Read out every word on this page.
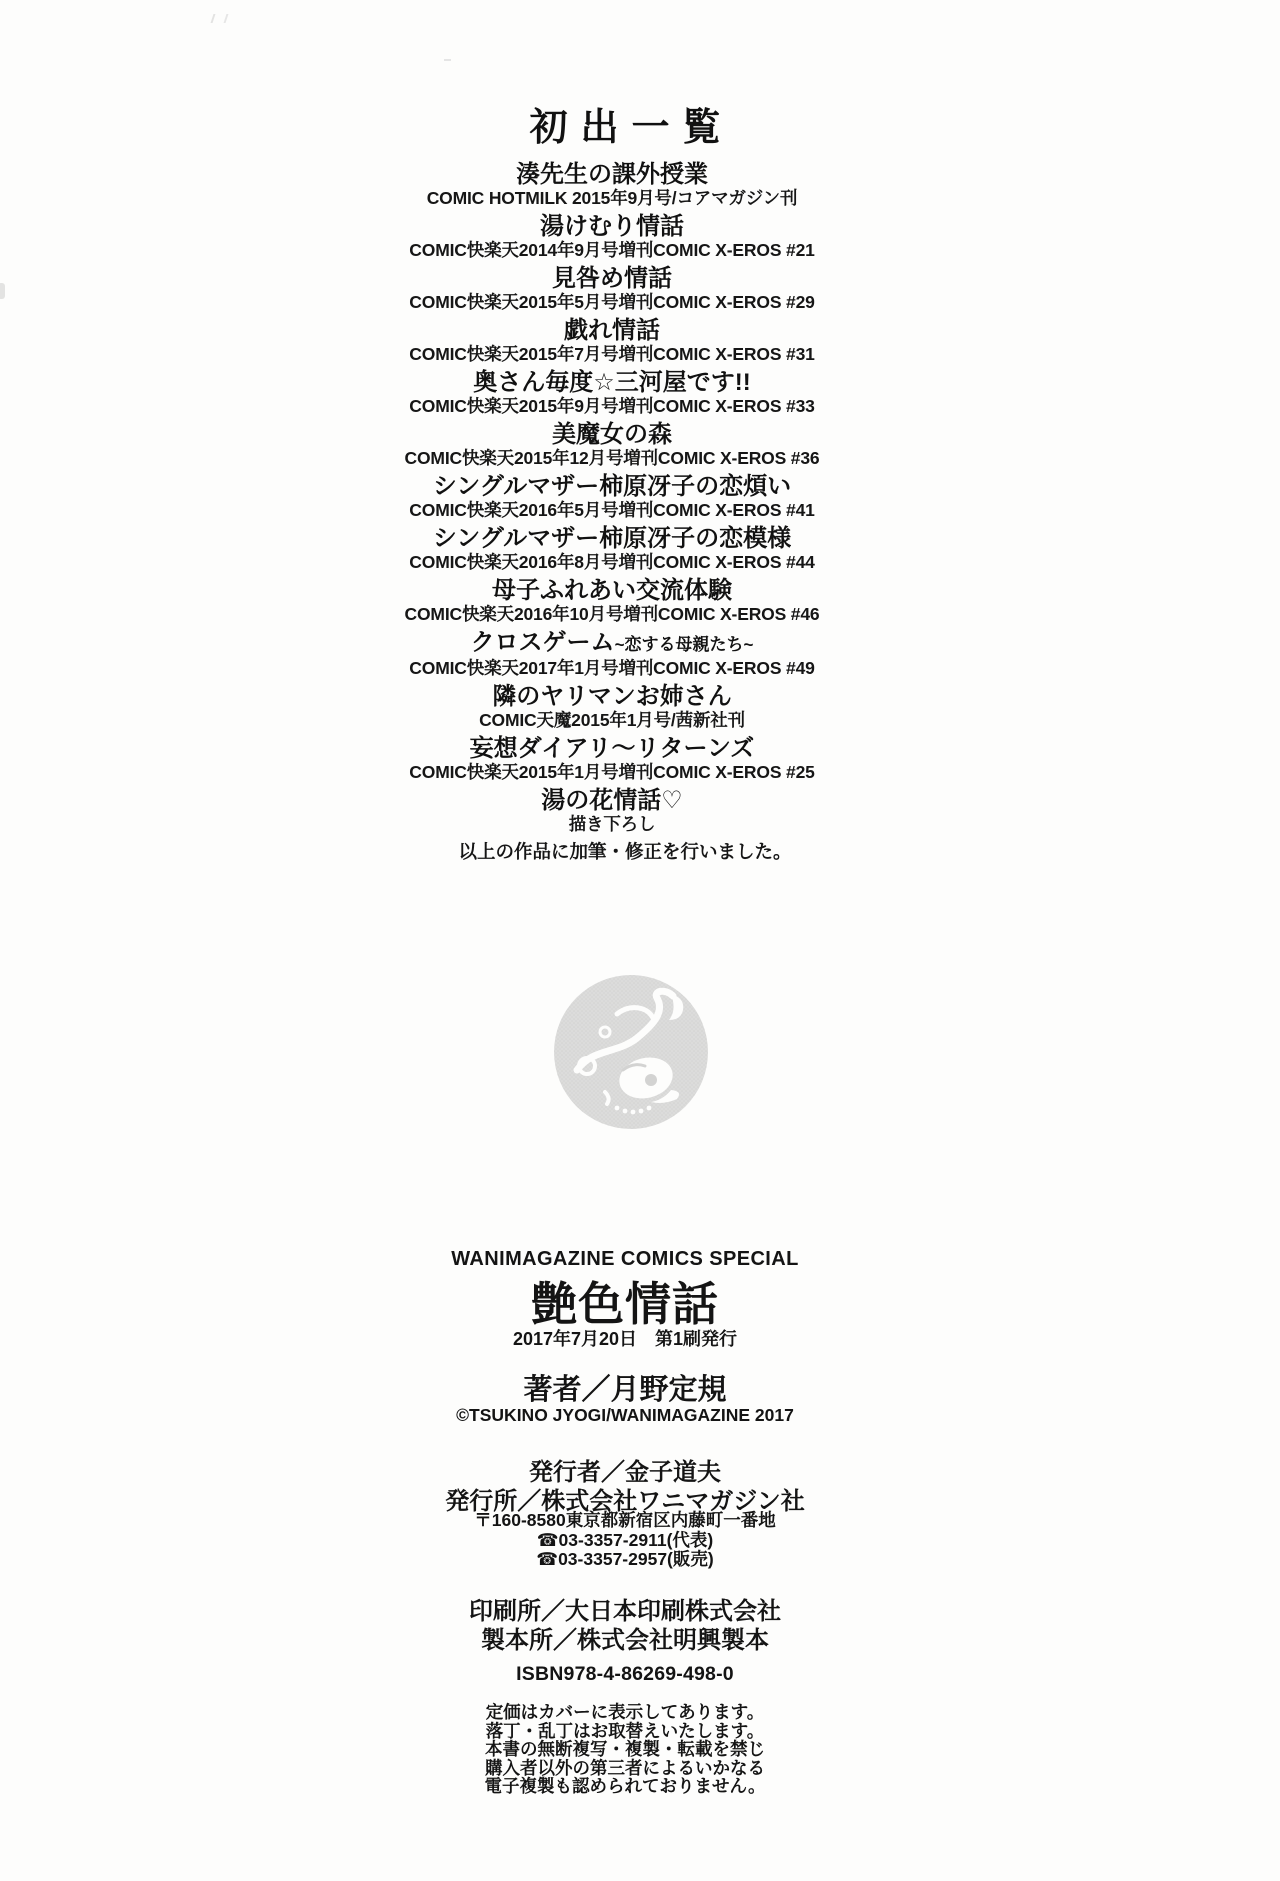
初出一覧
湊先生の課外授業
COMIC HOTMILK 2015年9月号/コアマガジン刊
湯けむり情話
COMIC快楽天2014年9月号増刊COMIC X-EROS #21
見咎め情話
COMIC快楽天2015年5月号増刊COMIC X-EROS #29
戯れ情話
COMIC快楽天2015年7月号増刊COMIC X-EROS #31
奥さん毎度☆三河屋です!!
COMIC快楽天2015年9月号増刊COMIC X-EROS #33
美魔女の森
COMIC快楽天2015年12月号増刊COMIC X-EROS #36
シングルマザー柿原冴子の恋煩い
COMIC快楽天2016年5月号増刊COMIC X-EROS #41
シングルマザー柿原冴子の恋模様
COMIC快楽天2016年8月号増刊COMIC X-EROS #44
母子ふれあい交流体験
COMIC快楽天2016年10月号増刊COMIC X-EROS #46
クロスゲーム~恋する母親たち~
COMIC快楽天2017年1月号増刊COMIC X-EROS #49
隣のヤリマンお姉さん
COMIC天魔2015年1月号/茜新社刊
妄想ダイアリ～リターンズ
COMIC快楽天2015年1月号増刊COMIC X-EROS #25
湯の花情話♡
描き下ろし
以上の作品に加筆・修正を行いました。
WANIMAGAZINE COMICS SPECIAL
艶色情話
2017年7月20日　第1刷発行
著者／月野定規
©TSUKINO JYOGI/WANIMAGAZINE 2017
発行者／金子道夫
発行所／株式会社ワニマガジン社
〒160-8580東京都新宿区内藤町一番地
☎03-3357-2911(代表)
☎03-3357-2957(販売)
印刷所／大日本印刷株式会社
製本所／株式会社明興製本
ISBN978-4-86269-498-0
定価はカバーに表示してあります。
落丁・乱丁はお取替えいたします。
本書の無断複写・複製・転載を禁じ
購入者以外の第三者によるいかなる
電子複製も認められておりません。
